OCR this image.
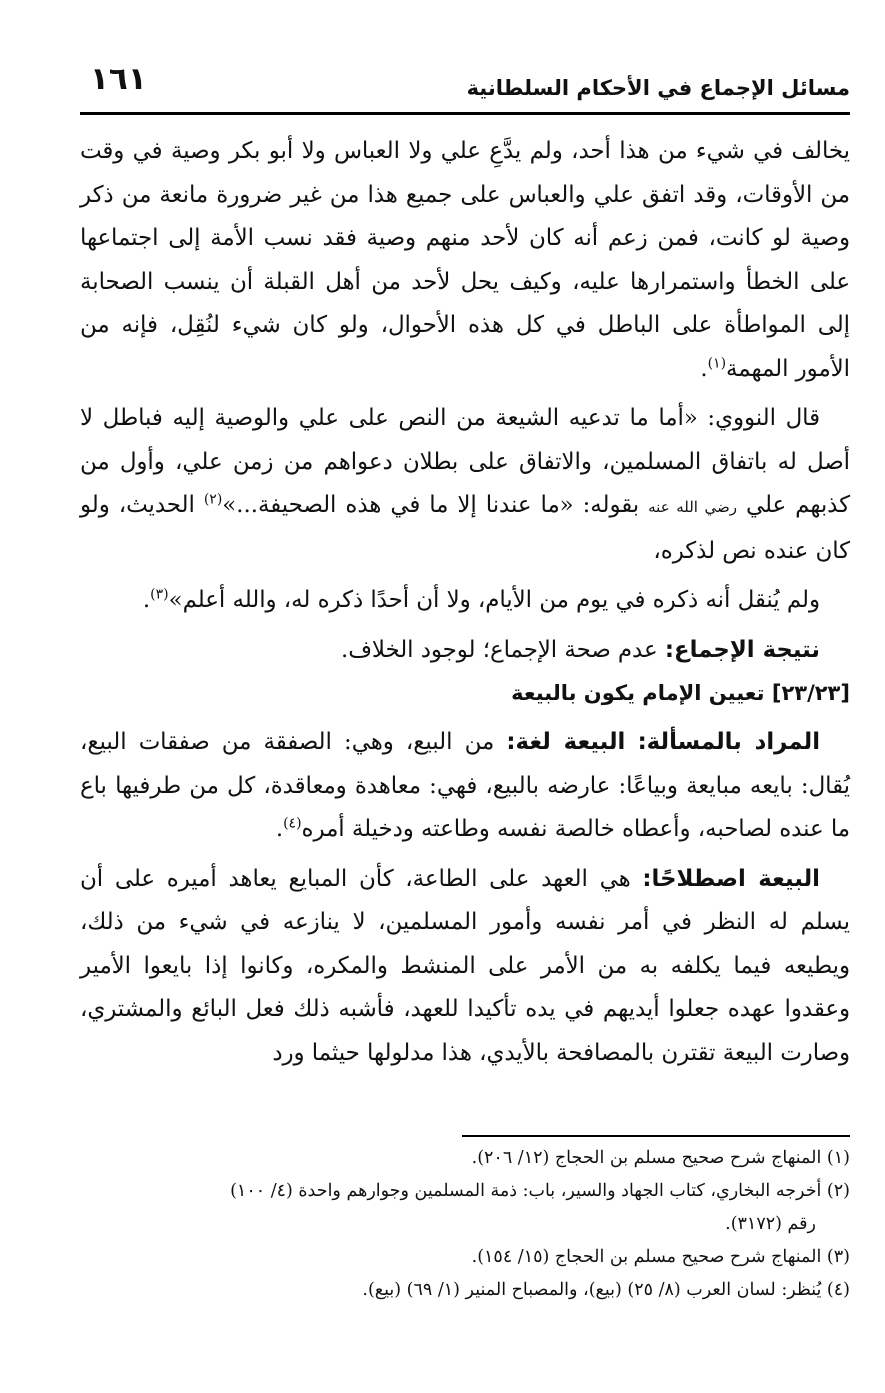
مسائل الإجماع في الأحكام السلطانية
١٦١

يخالف في شيء من هذا أحد، ولم يدَّعِ علي ولا العباس ولا أبو بكر وصية في وقت من الأوقات، وقد اتفق علي والعباس على جميع هذا من غير ضرورة مانعة من ذكر وصية لو كانت، فمن زعم أنه كان لأحد منهم وصية فقد نسب الأمة إلى اجتماعها على الخطأ واستمرارها عليه، وكيف يحل لأحد من أهل القبلة أن ينسب الصحابة إلى المواطأة على الباطل في كل هذه الأحوال، ولو كان شيء لنُقِل، فإنه من الأمور المهمة$^{(١)}$.

قال النووي: «أما ما تدعيه الشيعة من النص على علي والوصية إليه فباطل لا أصل له باتفاق المسلمين، والاتفاق على بطلان دعواهم من زمن علي، وأول من كذبهم علي رضي الله عنه بقوله: «ما عندنا إلا ما في هذه الصحيفة...»$^{(٢)}$ الحديث، ولو كان عنده نص لذكره،

ولم يُنقل أنه ذكره في يوم من الأيام، ولا أن أحدًا ذكره له، والله أعلم»$^{(٣)}$.

نتيجة الإجماع: عدم صحة الإجماع؛ لوجود الخلاف.

[٢٣/٢٣] تعيين الإمام يكون بالبيعة

المراد بالمسألة: البيعة لغة: من البيع، وهي: الصفقة من صفقات البيع، يُقال: بايعه مبايعة وبياعًا: عارضه بالبيع، فهي: معاهدة ومعاقدة، كل من طرفيها باع ما عنده لصاحبه، وأعطاه خالصة نفسه وطاعته ودخيلة أمره$^{(٤)}$.

البيعة اصطلاحًا: هي العهد على الطاعة، كأن المبايع يعاهد أميره على أن يسلم له النظر في أمر نفسه وأمور المسلمين، لا ينازعه في شيء من ذلك، ويطيعه فيما يكلفه به من الأمر على المنشط والمكره، وكانوا إذا بايعوا الأمير وعقدوا عهده جعلوا أيديهم في يده تأكيدا للعهد، فأشبه ذلك فعل البائع والمشتري، وصارت البيعة تقترن بالمصافحة بالأيدي، هذا مدلولها حيثما ورد

(١) المنهاج شرح صحيح مسلم بن الحجاج (١٢/ ٢٠٦).

(٢) أخرجه البخاري، كتاب الجهاد والسير، باب: ذمة المسلمين وجوارهم واحدة (٤/ ١٠٠)
رقم (٣١٧٢).

(٣) المنهاج شرح صحيح مسلم بن الحجاج (١٥/ ١٥٤).

(٤) يُنظر: لسان العرب (٨/ ٢٥) (بيع)، والمصباح المنير (١/ ٦٩) (بيع).
